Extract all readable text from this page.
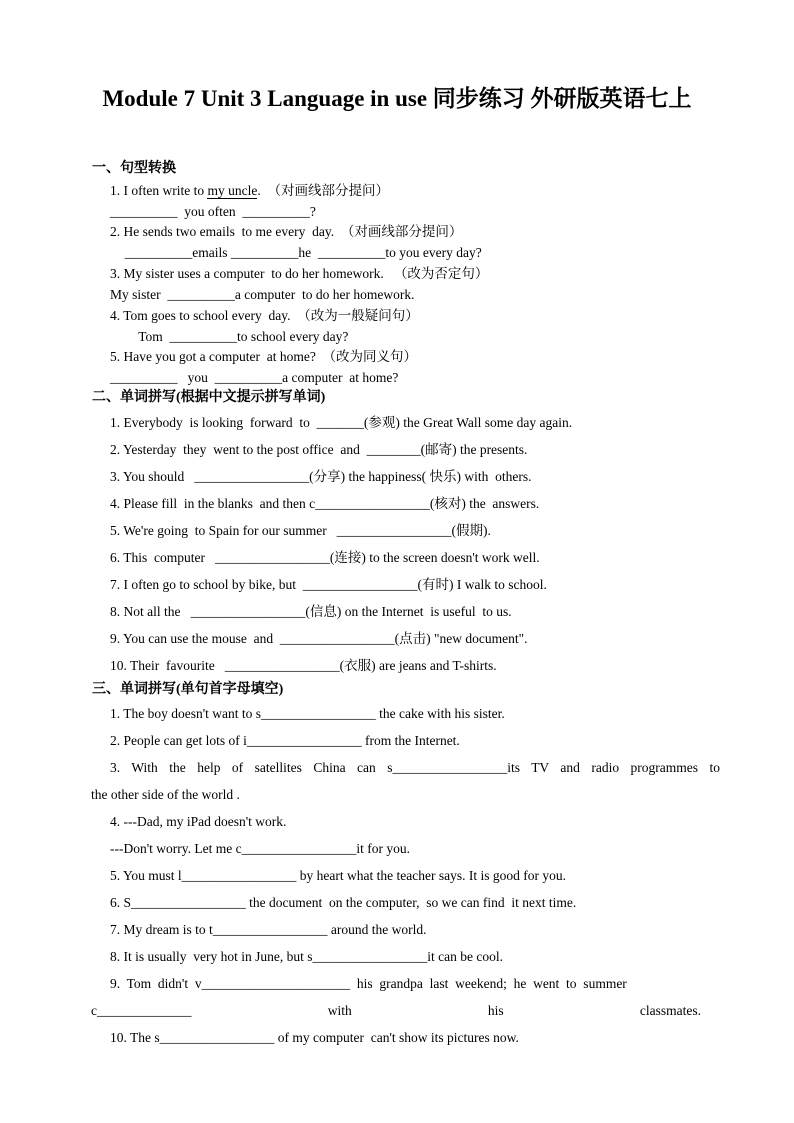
Module 7 Unit 3 Language in use 同步练习 外研版英语七上
一、句型转换
1. I often write to my uncle.  （对画线部分提问）
__________  you often  __________?
2. He sends two emails  to me every  day.  （对画线部分提问）
__________emails __________he  __________to you every day?
3. My sister uses a computer  to do her homework.   （改为否定句）
My sister  __________a computer  to do her homework.
4. Tom goes to school every  day.  （改为一般疑问句）
Tom  __________to school every day?
5. Have you got a computer  at home?  （改为同义句）
__________   you  __________a computer  at home?
二、单词拼写(根据中文提示拼写单词)
1. Everybody  is looking  forward  to  _______(参观) the Great Wall some day again.
2. Yesterday  they  went to the post office  and  ________(邮寄) the presents.
3. You should   _________________(分享) the happiness( 快乐) with  others.
4. Please fill  in the blanks  and then c_________________(核对) the  answers.
5. We're going  to Spain for our summer   _________________(假期).
6. This  computer   _________________(连接) to the screen doesn't work well.
7. I often go to school by bike, but  _________________(有时) I walk to school.
8. Not all the   _________________(信息) on the Internet  is useful  to us.
9. You can use the mouse  and  _________________(点击) "new document".
10. Their  favourite   _________________(衣服) are jeans and T-shirts.
三、单词拼写(单句首字母填空)
1. The boy doesn't want to s_________________ the cake with his sister.
2. People can get lots of i_________________ from the Internet.
3. With the help of satellites China can s_________________its TV and radio programmes to
the other side of the world .
4. ---Dad, my iPad doesn't work.
---Don't worry. Let me c_________________it for you.
5. You must l_________________ by heart what the teacher says. It is good for you.
6. S_________________ the document  on the computer,  so we can find  it next time.
7. My dream is to t_________________ around the world.
8. It is usually  very hot in June, but s_________________it can be cool.
9.  Tom  didn't  v______________________  his  grandpa  last  weekend;  he  went  to  summer
c______________ with his classmates.
10. The s_________________ of my computer  can't show its pictures now.
